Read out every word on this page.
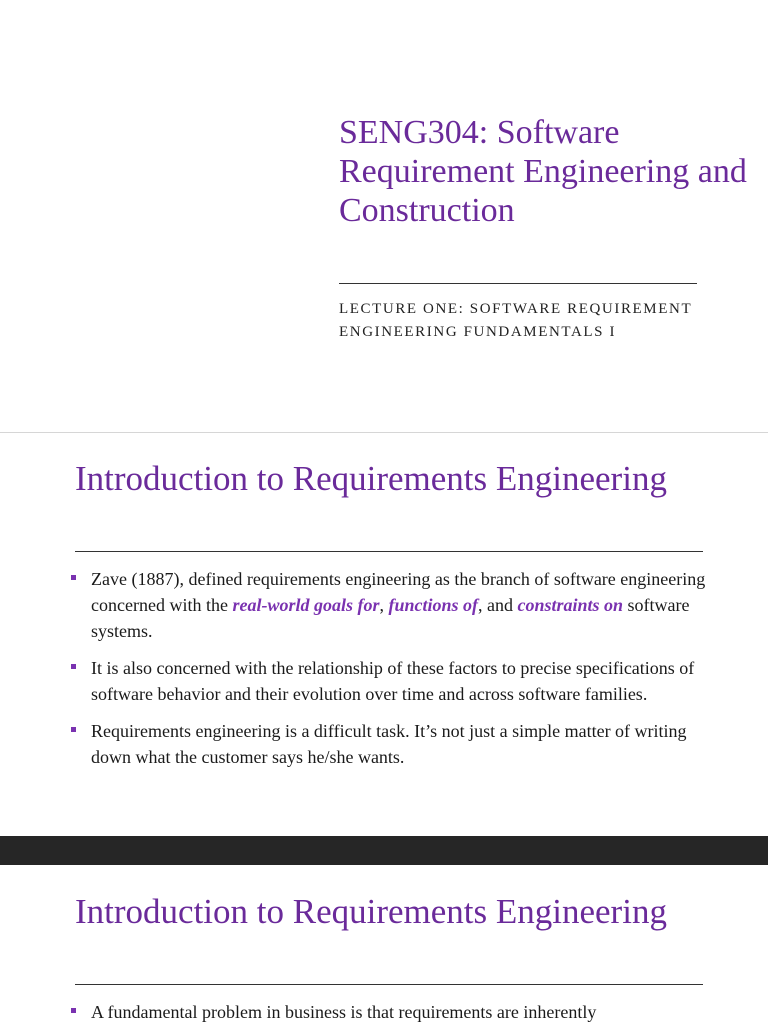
SENG304: Software Requirement Engineering and Construction

LECTURE ONE: SOFTWARE REQUIREMENT ENGINEERING FUNDAMENTALS I

Introduction to Requirements Engineering
Zave (1887), defined requirements engineering as the branch of software engineering concerned with the real-world goals for, functions of, and constraints on software systems.
It is also concerned with the relationship of these factors to precise specifications of software behavior and their evolution over time and across software families.
Requirements engineering is a difficult task. It’s not just a simple matter of writing down what the customer says he/she wants.
Introduction to Requirements Engineering
A fundamental problem in business is that requirements are inherently
